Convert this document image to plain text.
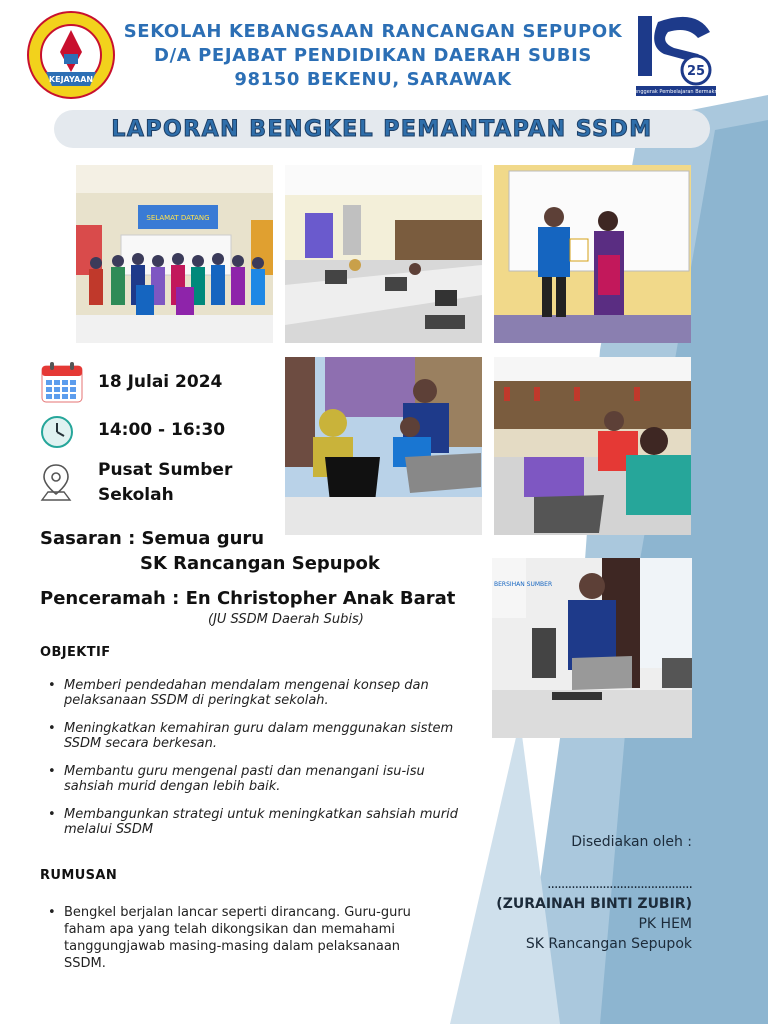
KEJAYAAN
SEKOLAH KEBANGSAAN RANCANGAN SEPUPOK
D/A PEJABAT PENDIDIKAN DAERAH SUBIS
98150 BEKENU, SARAWAK	25
Penggerak Pembelajaran Bermakna
LAPORAN BENGKEL PEMANTAPAN SSDM
SELAMAT DATANG
BERSIHAN SUMBER
18 Julai 2024
14:00 - 16:30
Pusat Sumber
Sekolah
Sasaran : Semua guru
SK Rancangan Sepupok
Penceramah : En Christopher Anak Barat
(JU SSDM Daerah Subis)
OBJEKTIF
• Memberi pendedahan mendalam mengenai konsep dan pelaksanaan SSDM di peringkat sekolah.
• Meningkatkan kemahiran guru dalam menggunakan sistem SSDM secara berkesan.
• Membantu guru mengenal pasti dan menangani isu-isu sahsiah murid dengan lebih baik.
• Membangunkan strategi untuk meningkatkan sahsiah murid melalui SSDM
RUMUSAN
• Bengkel berjalan lancar seperti dirancang. Guru-guru faham apa yang telah dikongsikan dan memahami tanggungjawab masing-masing dalam pelaksanaan SSDM.
Disediakan oleh :
..........................................
(ZURAINAH BINTI ZUBIR)
PK HEM
SK Rancangan Sepupok
